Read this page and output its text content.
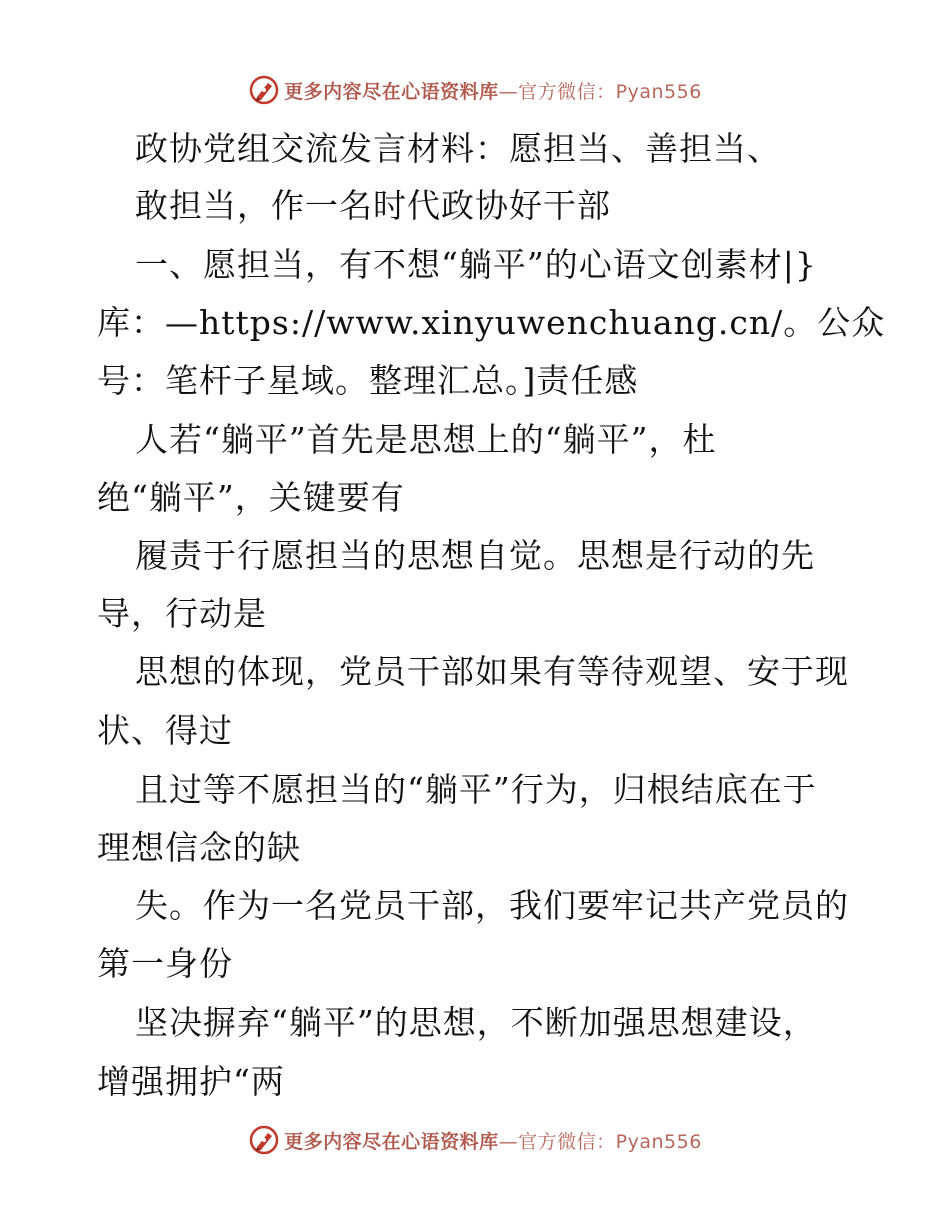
更多内容尽在心语资料库—官方微信：Pyan556
政协党组交流发言材料：愿担当、善担当、
敢担当，作一名时代政协好干部
一、愿担当，有不想“躺平”的心语文创素材|}
库：—https://www.xinyuwenchuang.cn/。公众
号：笔杆子星域。整理汇总。]责任感
人若“躺平”首先是思想上的“躺平”，杜
绝“躺平”，关键要有
履责于行愿担当的思想自觉。思想是行动的先
导，行动是
思想的体现，党员干部如果有等待观望、安于现
状、得过
且过等不愿担当的“躺平”行为，归根结底在于
理想信念的缺
失。作为一名党员干部，我们要牢记共产党员的
第一身份
坚决摒弃“躺平”的思想，不断加强思想建设，
增强拥护“两
更多内容尽在心语资料库—官方微信：Pyan556
